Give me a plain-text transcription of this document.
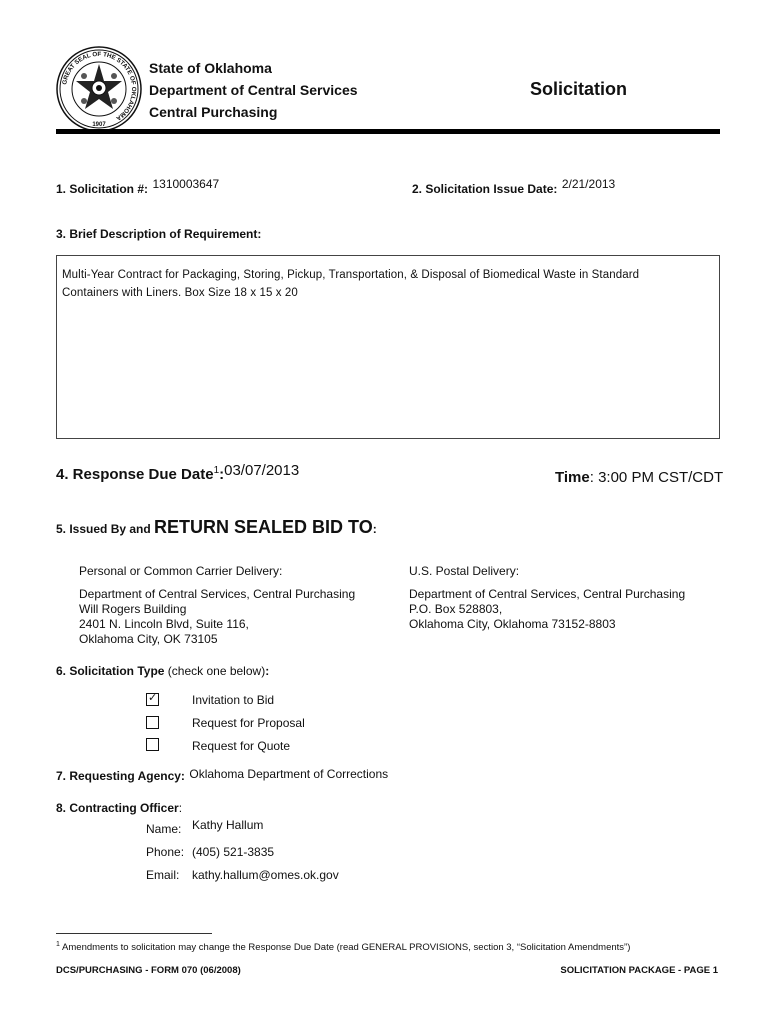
GREAT SEAL OF THE STATE OF OKLAHOMA
1907
State of Oklahoma
Department of Central Services
Central Purchasing
Solicitation
1. Solicitation #: $^{1310003647}$	2. Solicitation Issue Date: $^{2/21/2013}$
3. Brief Description of Requirement:
Multi-Year Contract for Packaging, Storing, Pickup, Transportation, & Disposal of Biomedical Waste in Standard
Containers with Liners. Box Size 18 x 15 x 20
4. Response Due Date$^1$:03/07/2013	Time: 3:00 PM CST/CDT
5. Issued By and RETURN SEALED BID TO:
Personal or Common Carrier Delivery:
Department of Central Services, Central Purchasing
Will Rogers Building
2401 N. Lincoln Blvd, Suite 116,
Oklahoma City, OK 73105
U.S. Postal Delivery:
Department of Central Services, Central Purchasing
P.O. Box 528803,
Oklahoma City, Oklahoma 73152-8803
6. Solicitation Type (check one below):
✓	Invitation to Bid
Request for Proposal
Request for Quote
7. Requesting Agency: Oklahoma Department of Corrections
8. Contracting Officer:
Name: Kathy Hallum
Phone: (405) 521-3835
Email: kathy.hallum@omes.ok.gov
$^1$ Amendments to solicitation may change the Response Due Date (read GENERAL PROVISIONS, section 3, “Solicitation Amendments”)
DCS/PURCHASING - FORM 070 (06/2008)	SOLICITATION PACKAGE - PAGE 1
